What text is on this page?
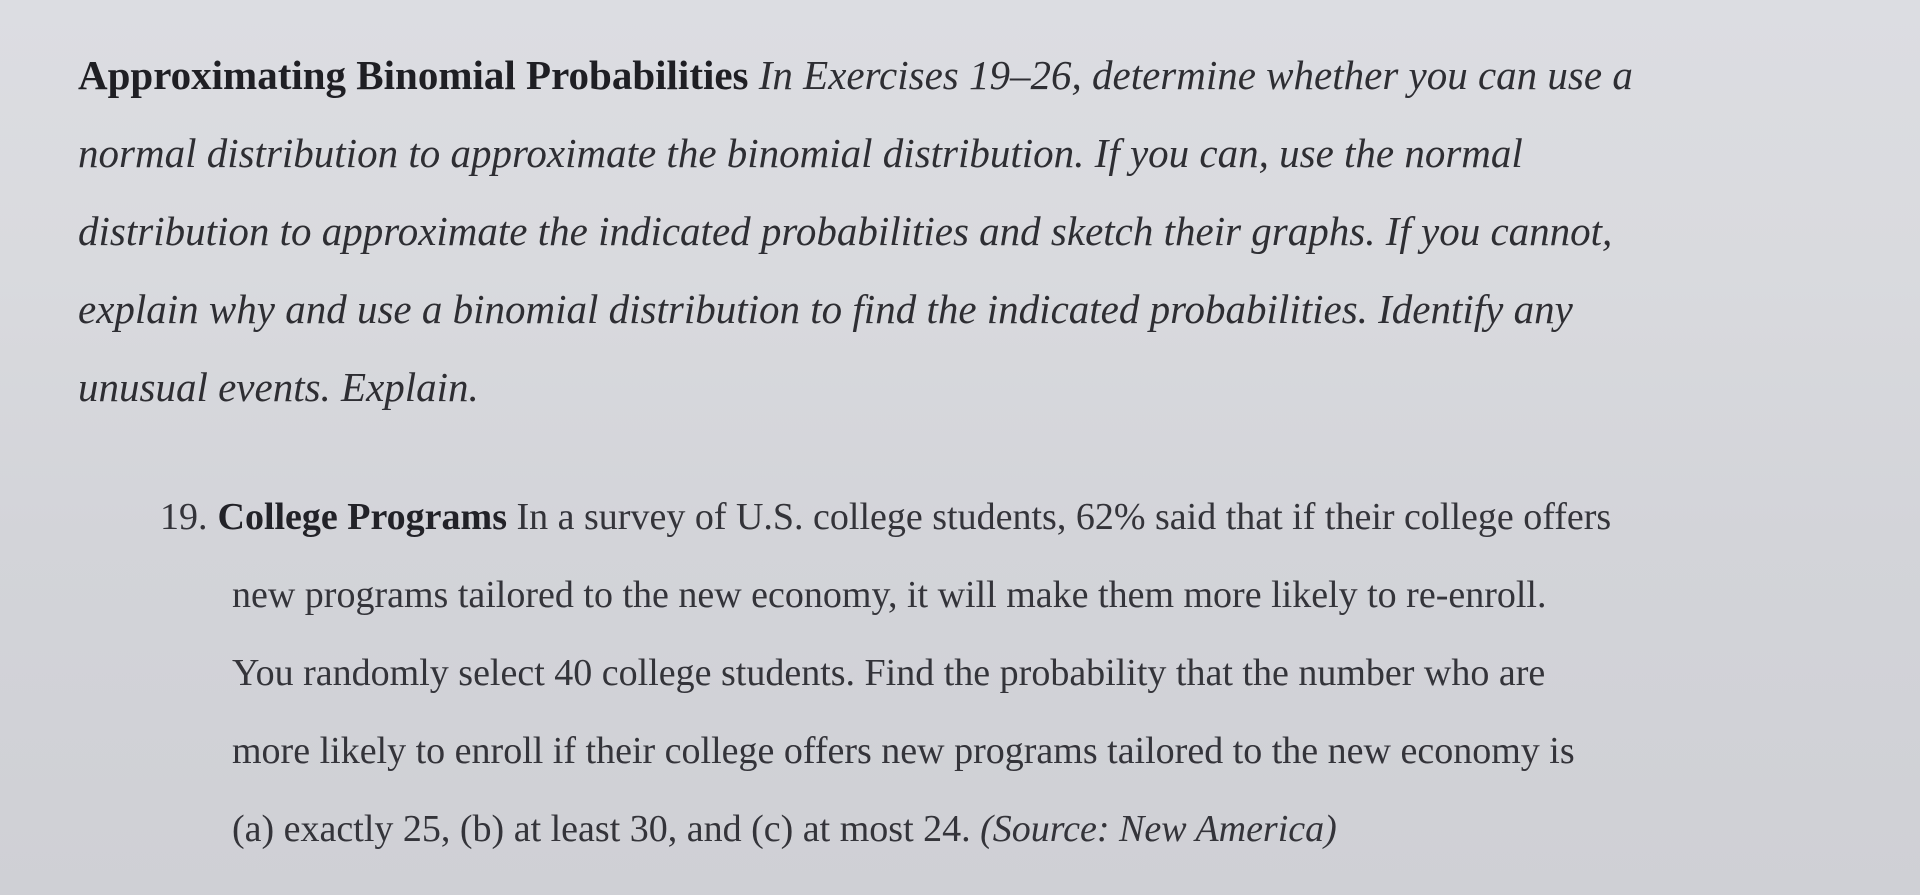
Approximating Binomial Probabilities In Exercises 19–26, determine whether you can use a
normal distribution to approximate the binomial distribution. If you can, use the normal
distribution to approximate the indicated probabilities and sketch their graphs. If you cannot,
explain why and use a binomial distribution to find the indicated probabilities. Identify any
unusual events. Explain.
19. College Programs In a survey of U.S. college students, 62% said that if their college offers
new programs tailored to the new economy, it will make them more likely to re-enroll.
You randomly select 40 college students. Find the probability that the number who are
more likely to enroll if their college offers new programs tailored to the new economy is
(a) exactly 25, (b) at least 30, and (c) at most 24. (Source: New America)
